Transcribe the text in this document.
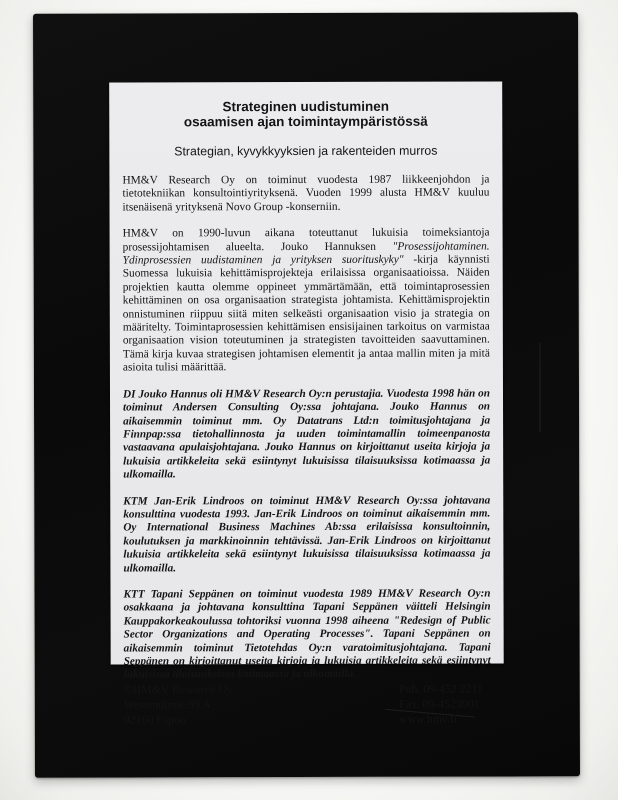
Strateginen uudistuminen
osaamisen ajan toimintaympäristössä
Strategian, kyvykkyyksien ja rakenteiden murros
HM&V Research Oy on toiminut vuodesta 1987 liikkeenjohdon ja tietotekniikan konsultointiyrityksenä. Vuoden 1999 alusta HM&V kuuluu itsenäisenä yrityksenä Novo Group -konserniin.
HM&V on 1990-luvun aikana toteuttanut lukuisia toimeksiantoja prosessijohtamisen alueelta. Jouko Hannuksen "Prosessijohtaminen. Ydinprosessien uudistaminen ja yrityksen suorituskyky" -kirja käynnisti Suomessa lukuisia kehittämisprojekteja erilaisissa organisaatioissa. Näiden projektien kautta olemme oppineet ymmärtämään, että toimintaprosessien kehittäminen on osa organisaation strategista johtamista. Kehittämisprojektin onnistuminen riippuu siitä miten selkeästi organisaation visio ja strategia on määritelty. Toimintaprosessien kehittämisen ensisijainen tarkoitus on varmistaa organisaation vision toteutuminen ja strategisten tavoitteiden saavuttaminen. Tämä kirja kuvaa strategisen johtamisen elementit ja antaa mallin miten ja mitä asioita tulisi määrittää.
DI Jouko Hannus oli HM&V Research Oy:n perustajia. Vuodesta 1998 hän on toiminut Andersen Consulting Oy:ssa johtajana. Jouko Hannus on aikaisemmin toiminut mm. Oy Datatrans Ltd:n toimitusjohtajana ja Finnpap:ssa tietohallinnosta ja uuden toimintamallin toimeenpanosta vastaavana apulaisjohtajana. Jouko Hannus on kirjoittanut useita kirjoja ja lukuisia artikkeleita sekä esiintynyt lukuisissa tilaisuuksissa kotimaassa ja ulkomailla.
KTM Jan-Erik Lindroos on toiminut HM&V Research Oy:ssa johtavana konsulttina vuodesta 1993. Jan-Erik Lindroos on toiminut aikaisemmin mm. Oy International Business Machines Ab:ssa erilaisissa konsultoinnin, koulutuksen ja markkinoinnin tehtävissä. Jan-Erik Lindroos on kirjoittanut lukuisia artikkeleita sekä esiintynyt lukuisissa tilaisuuksissa kotimaassa ja ulkomailla.
KTT Tapani Seppänen on toiminut vuodesta 1989 HM&V Research Oy:n osakkaana ja johtavana konsulttina Tapani Seppänen väitteli Helsingin Kauppakorkeakoulussa tohtoriksi vuonna 1998 aiheena "Redesign of Public Sector Organizations and Operating Processes". Tapani Seppänen on aikaisemmin toiminut Tietotehdas Oy:n varatoimitusjohtajana. Tapani Seppänen on kirjoittanut useita kirjoja ja lukuisia artikkeleita sekä esiintynyt lukuisissa tilaisuuksissa kotimaassa ja ulkomailla.
©HM&V Research Oy
Westendintie 99 A
02160 Espoo
Puh. 09-452 2211
Fax. 09-4523901
www.hmv.fi
